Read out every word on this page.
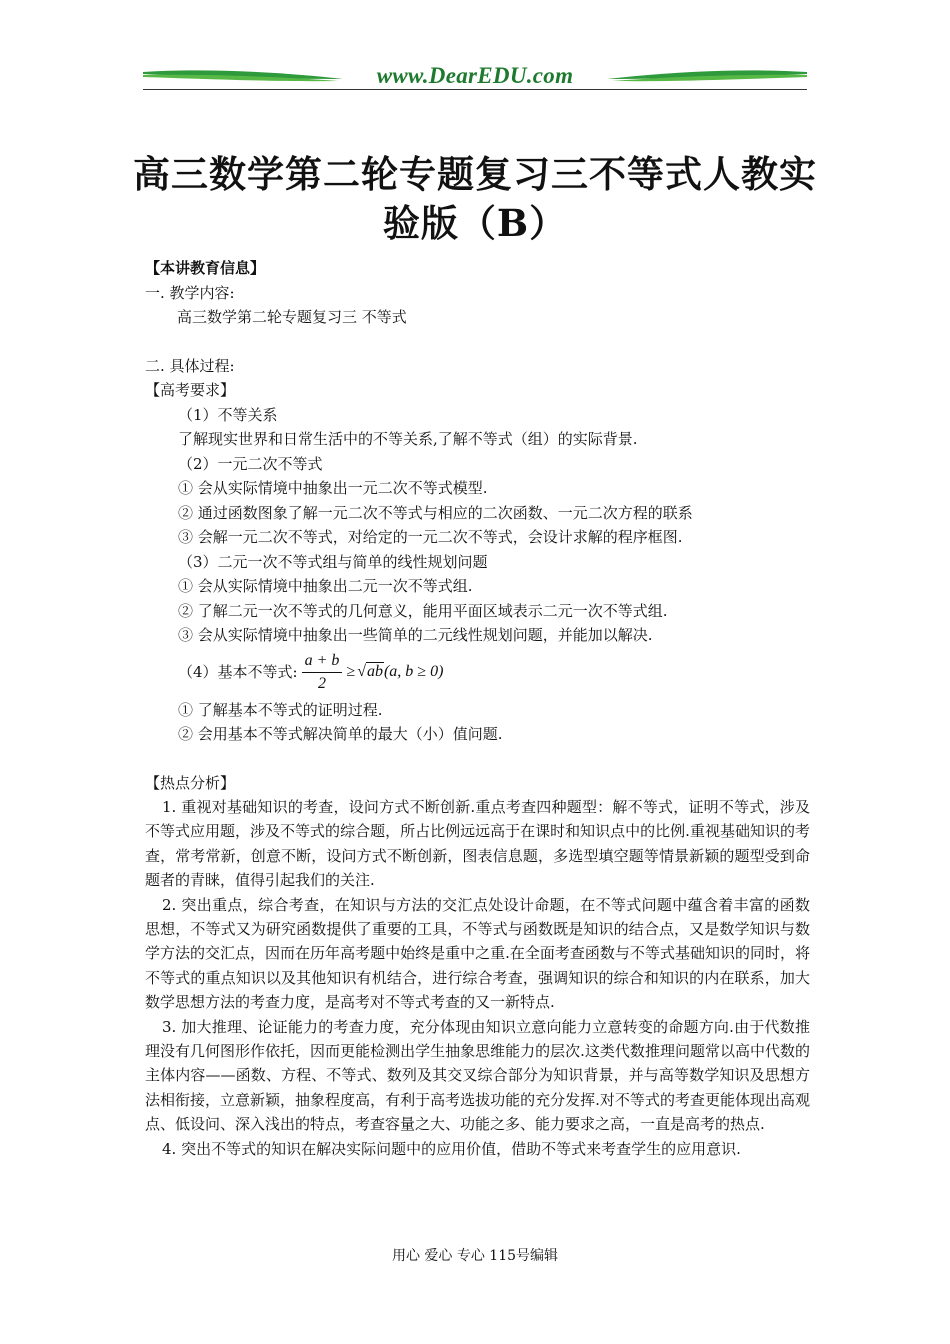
www.DearEDU.com
高三数学第二轮专题复习三不等式人教实
验版（B）
【本讲教育信息】
一. 教学内容:
高三数学第二轮专题复习三 不等式
二. 具体过程:
【高考要求】
（1）不等关系
了解现实世界和日常生活中的不等关系,了解不等式（组）的实际背景.
（2）一元二次不等式
① 会从实际情境中抽象出一元二次不等式模型.
② 通过函数图象了解一元二次不等式与相应的二次函数、一元二次方程的联系
③ 会解一元二次不等式，对给定的一元二次不等式，会设计求解的程序框图.
（3）二元一次不等式组与简单的线性规划问题
① 会从实际情境中抽象出二元一次不等式组.
② 了解二元一次不等式的几何意义，能用平面区域表示二元一次不等式组.
③ 会从实际情境中抽象出一些简单的二元线性规划问题，并能加以解决.
（4）基本不等式: $\frac{a + b}{2} \ge √ab$ (a, b ≥ 0)
① 了解基本不等式的证明过程.
② 会用基本不等式解决简单的最大（小）值问题.
【热点分析】
1. 重视对基础知识的考查，设问方式不断创新.重点考查四种题型：解不等式，证明不等式，涉及不等式应用题，涉及不等式的综合题，所占比例远远高于在课时和知识点中的比例.重视基础知识的考查，常考常新，创意不断，设问方式不断创新，图表信息题，多选型填空题等情景新颖的题型受到命题者的青睐，值得引起我们的关注.
2. 突出重点，综合考查，在知识与方法的交汇点处设计命题，在不等式问题中蕴含着丰富的函数思想，不等式又为研究函数提供了重要的工具，不等式与函数既是知识的结合点，又是数学知识与数学方法的交汇点，因而在历年高考题中始终是重中之重.在全面考查函数与不等式基础知识的同时，将不等式的重点知识以及其他知识有机结合，进行综合考查，强调知识的综合和知识的内在联系，加大数学思想方法的考查力度，是高考对不等式考查的又一新特点.
3. 加大推理、论证能力的考查力度，充分体现由知识立意向能力立意转变的命题方向.由于代数推理没有几何图形作依托，因而更能检测出学生抽象思维能力的层次.这类代数推理问题常以高中代数的主体内容——函数、方程、不等式、数列及其交叉综合部分为知识背景，并与高等数学知识及思想方法相衔接，立意新颖，抽象程度高，有利于高考选拔功能的充分发挥.对不等式的考查更能体现出高观点、低设问、深入浅出的特点，考查容量之大、功能之多、能力要求之高，一直是高考的热点.
4. 突出不等式的知识在解决实际问题中的应用价值，借助不等式来考查学生的应用意识.
用心 爱心 专心 115号编辑
